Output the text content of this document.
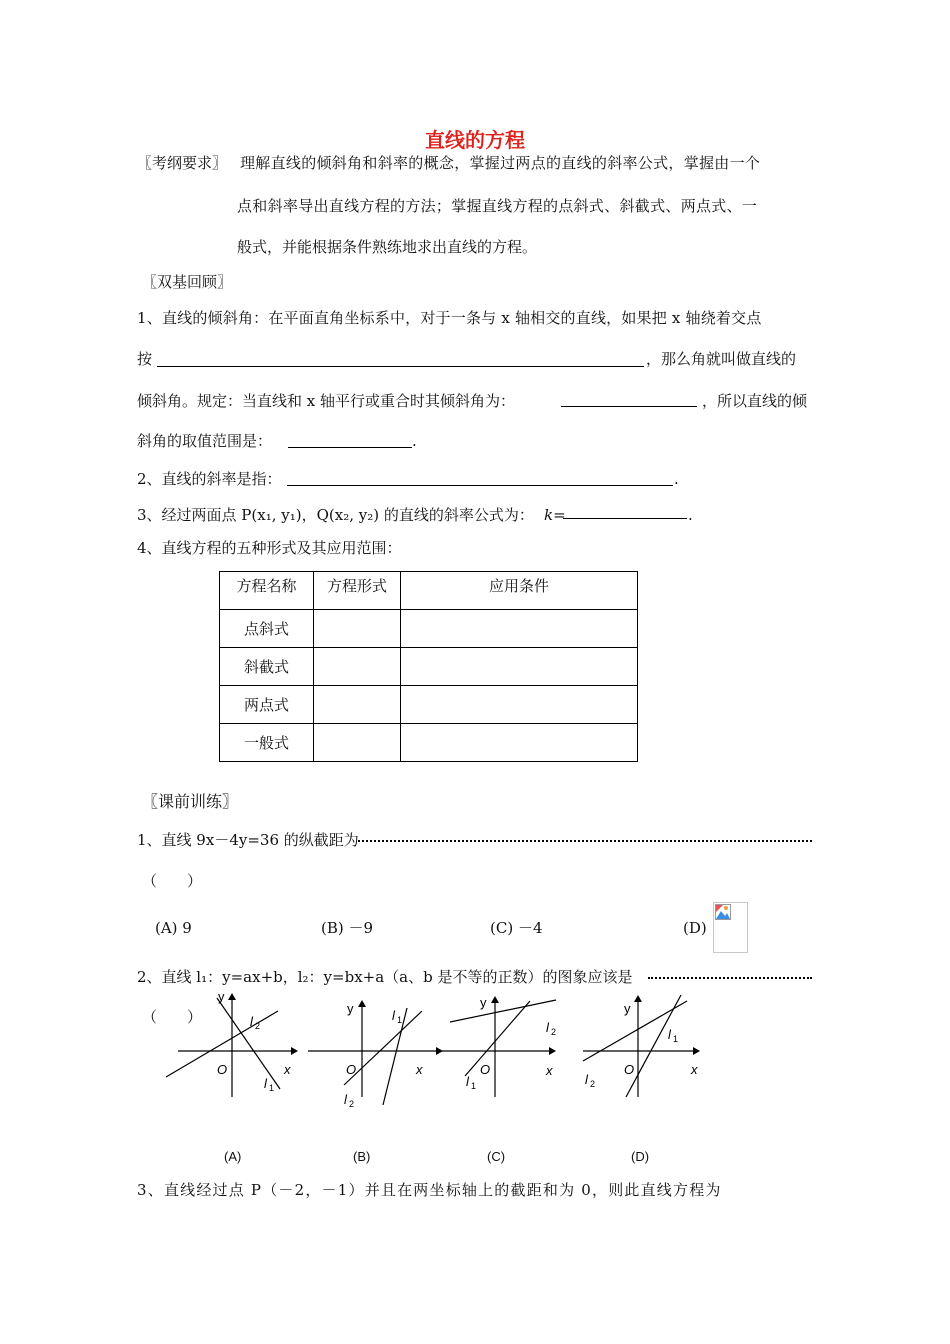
直线的方程
〖考纲要求〗 理解直线的倾斜角和斜率的概念，掌握过两点的直线的斜率公式，掌握由一个
点和斜率导出直线方程的方法；掌握直线方程的点斜式、斜截式、两点式、一
般式，并能根据条件熟练地求出直线的方程。
〖双基回顾〗
1、直线的倾斜角：在平面直角坐标系中，对于一条与 x 轴相交的直线，如果把 x 轴绕着交点
按	，那么角就叫做直线的
倾斜角。规定：当直线和 x 轴平行或重合时其倾斜角为：	，所以直线的倾
斜角的取值范围是：	.
2、直线的斜率是指：	.
3、经过两面点 P(x₁, y₁)，Q(x₂, y₂) 的直线的斜率公式为： k=	.
4、直线方程的五种形式及其应用范围：
方程名称	方程形式	应用条件
点斜式		
斜截式		
两点式		
一般式		
〖课前训练〗
1、直线 9x－4y=36 的纵截距为
（　　）
(A) 9	(B) －9	(C) －4	(D)
2、直线 l₁：y=ax+b，l₂：y=bx+a（a、b 是不等的正数）的图象应该是
（　　）
y
x
O
l 2
l 1
y
x
O
l 1
l 2
y
x
O
l 2
l 1
y
x
O
l 1
l 2
(A)	(B)	(C)	(D)
3、直线经过点 P（－2，－1）并且在两坐标轴上的截距和为 0，则此直线方程为
